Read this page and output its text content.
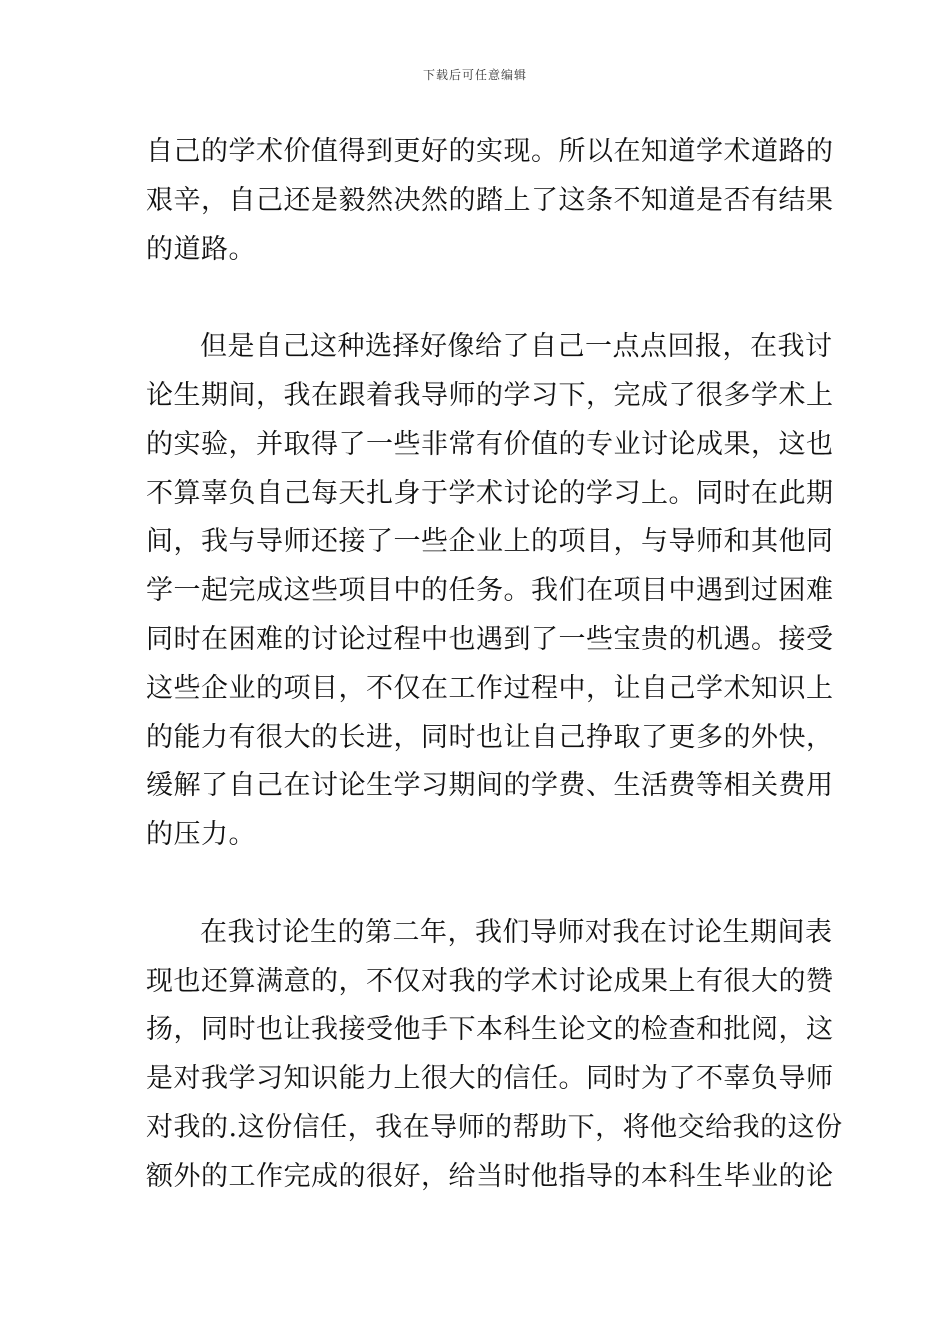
下载后可任意编辑
自己的学术价值得到更好的实现。所以在知道学术道路的
艰辛，自己还是毅然决然的踏上了这条不知道是否有结果
的道路。
但是自己这种选择好像给了自己一点点回报，在我讨
论生期间，我在跟着我导师的学习下，完成了很多学术上
的实验，并取得了一些非常有价值的专业讨论成果，这也
不算辜负自己每天扎身于学术讨论的学习上。同时在此期
间，我与导师还接了一些企业上的项目，与导师和其他同
学一起完成这些项目中的任务。我们在项目中遇到过困难
同时在困难的讨论过程中也遇到了一些宝贵的机遇。接受
这些企业的项目，不仅在工作过程中，让自己学术知识上
的能力有很大的长进，同时也让自己挣取了更多的外快，
缓解了自己在讨论生学习期间的学费、生活费等相关费用
的压力。
在我讨论生的第二年，我们导师对我在讨论生期间表
现也还算满意的，不仅对我的学术讨论成果上有很大的赞
扬，同时也让我接受他手下本科生论文的检查和批阅，这
是对我学习知识能力上很大的信任。同时为了不辜负导师
对我的.这份信任，我在导师的帮助下，将他交给我的这份
额外的工作完成的很好，给当时他指导的本科生毕业的论
